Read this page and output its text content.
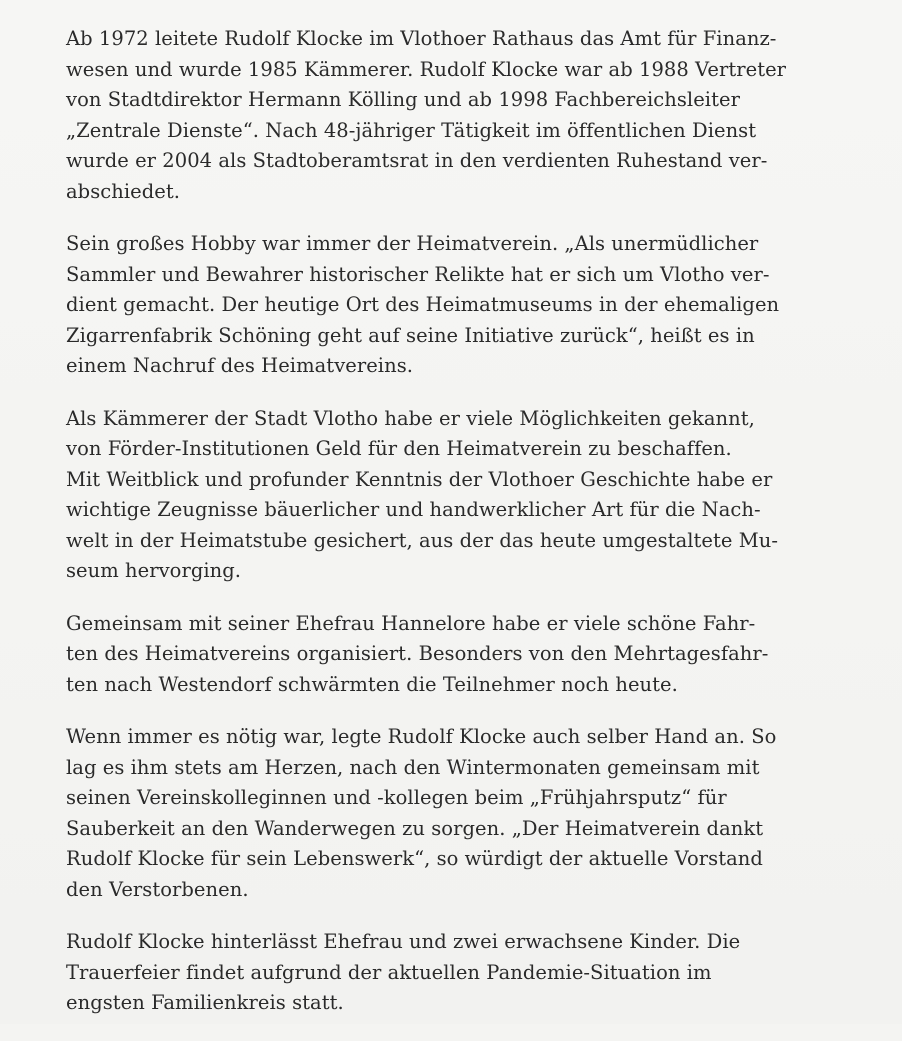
Ab 1972 leitete Rudolf Klocke im Vlothoer Rathaus das Amt für Finanz-
wesen und wurde 1985 Kämmerer. Rudolf Klocke war ab 1988 Vertreter
von Stadtdirektor Hermann Kölling und ab 1998 Fachbereichsleiter
„Zentrale Dienste“. Nach 48-jähriger Tätigkeit im öffentlichen Dienst
wurde er 2004 als Stadtoberamtsrat in den verdienten Ruhestand ver-
abschiedet.

Sein großes Hobby war immer der Heimatverein. „Als unermüdlicher
Sammler und Bewahrer historischer Relikte hat er sich um Vlotho ver-
dient gemacht. Der heutige Ort des Heimatmuseums in der ehemaligen
Zigarrenfabrik Schöning geht auf seine Initiative zurück“, heißt es in
einem Nachruf des Heimatvereins.

Als Kämmerer der Stadt Vlotho habe er viele Möglichkeiten gekannt,
von Förder-Institutionen Geld für den Heimatverein zu beschaffen.
Mit Weitblick und profunder Kenntnis der Vlothoer Geschichte habe er
wichtige Zeugnisse bäuerlicher und handwerklicher Art für die Nach-
welt in der Heimatstube gesichert, aus der das heute umgestaltete Mu-
seum hervorging.

Gemeinsam mit seiner Ehefrau Hannelore habe er viele schöne Fahr-
ten des Heimatvereins organisiert. Besonders von den Mehrtagesfahr-
ten nach Westendorf schwärmten die Teilnehmer noch heute.

Wenn immer es nötig war, legte Rudolf Klocke auch selber Hand an. So
lag es ihm stets am Herzen, nach den Wintermonaten gemeinsam mit
seinen Vereinskolleginnen und -kollegen beim „Frühjahrsputz“ für
Sauberkeit an den Wanderwegen zu sorgen. „Der Heimatverein dankt
Rudolf Klocke für sein Lebenswerk“, so würdigt der aktuelle Vorstand
den Verstorbenen.

Rudolf Klocke hinterlässt Ehefrau und zwei erwachsene Kinder. Die
Trauerfeier findet aufgrund der aktuellen Pandemie-Situation im
engsten Familienkreis statt.
